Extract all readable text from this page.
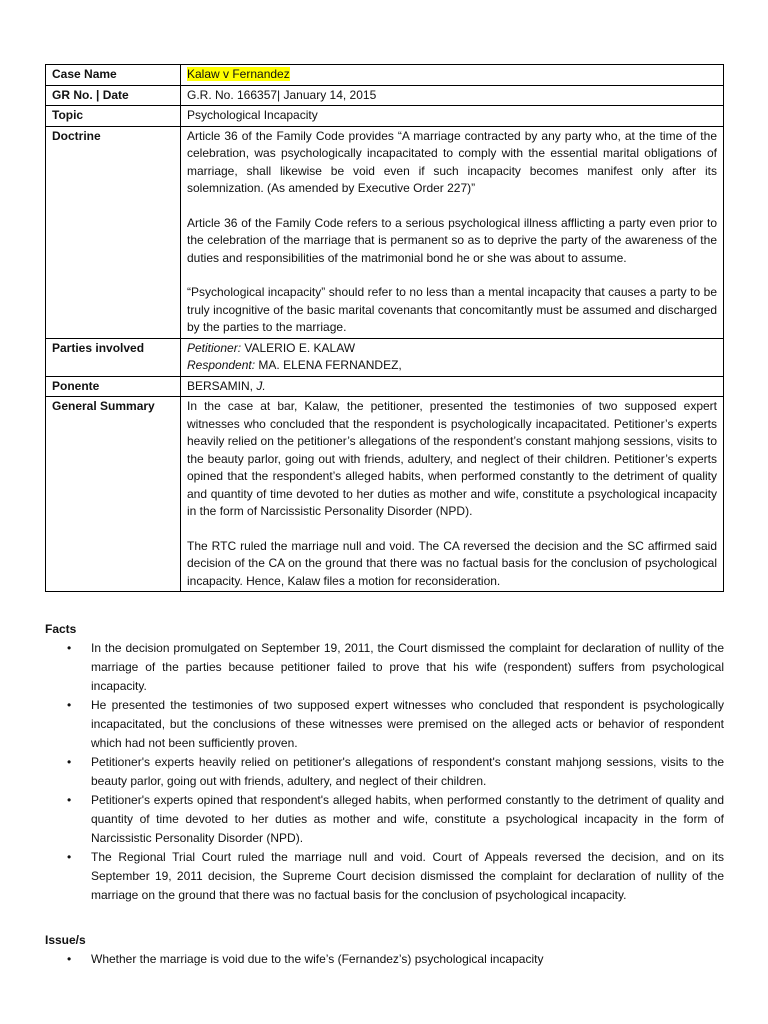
Case Name	Kalaw v Fernandez
GR No. | Date	G.R. No. 166357| January 14, 2015
Topic	Psychological Incapacity
Doctrine	Article 36 of the Family Code provides “A marriage contracted by any party who, at the time of the celebration, was psychologically incapacitated to comply with the essential marital obligations of marriage, shall likewise be void even if such incapacity becomes manifest only after its solemnization. (As amended by Executive Order 227)”

Article 36 of the Family Code refers to a serious psychological illness afflicting a party even prior to the celebration of the marriage that is permanent so as to deprive the party of the awareness of the duties and responsibilities of the matrimonial bond he or she was about to assume.

“Psychological incapacity” should refer to no less than a mental incapacity that causes a party to be truly incognitive of the basic marital covenants that concomitantly must be assumed and discharged by the parties to the marriage.

Parties involved	Petitioner: VALERIO E. KALAW
Respondent: MA. ELENA FERNANDEZ,

Ponente	BERSAMIN, J.
General Summary	In the case at bar, Kalaw, the petitioner, presented the testimonies of two supposed expert witnesses who concluded that the respondent is psychologically incapacitated. Petitioner’s experts heavily relied on the petitioner’s allegations of the respondent’s constant mahjong sessions, visits to the beauty parlor, going out with friends, adultery, and neglect of their children. Petitioner’s experts opined that the respondent’s alleged habits, when performed constantly to the detriment of quality and quantity of time devoted to her duties as mother and wife, constitute a psychological incapacity in the form of Narcissistic Personality Disorder (NPD).

The RTC ruled the marriage null and void. The CA reversed the decision and the SC affirmed said decision of the CA on the ground that there was no factual basis for the conclusion of psychological incapacity. Hence, Kalaw files a motion for reconsideration.

Facts
• In the decision promulgated on September 19, 2011, the Court dismissed the complaint for declaration of nullity of the marriage of the parties because petitioner failed to prove that his wife (respondent) suffers from psychological incapacity.
• He presented the testimonies of two supposed expert witnesses who concluded that respondent is psychologically incapacitated, but the conclusions of these witnesses were premised on the alleged acts or behavior of respondent which had not been sufficiently proven.
• Petitioner's experts heavily relied on petitioner's allegations of respondent's constant mahjong sessions, visits to the beauty parlor, going out with friends, adultery, and neglect of their children.
• Petitioner's experts opined that respondent's alleged habits, when performed constantly to the detriment of quality and quantity of time devoted to her duties as mother and wife, constitute a psychological incapacity in the form of Narcissistic Personality Disorder (NPD).
• The Regional Trial Court ruled the marriage null and void. Court of Appeals reversed the decision, and on its September 19, 2011 decision, the Supreme Court decision dismissed the complaint for declaration of nullity of the marriage on the ground that there was no factual basis for the conclusion of psychological incapacity.
Issue/s
• Whether the marriage is void due to the wife’s (Fernandez’s) psychological incapacity
